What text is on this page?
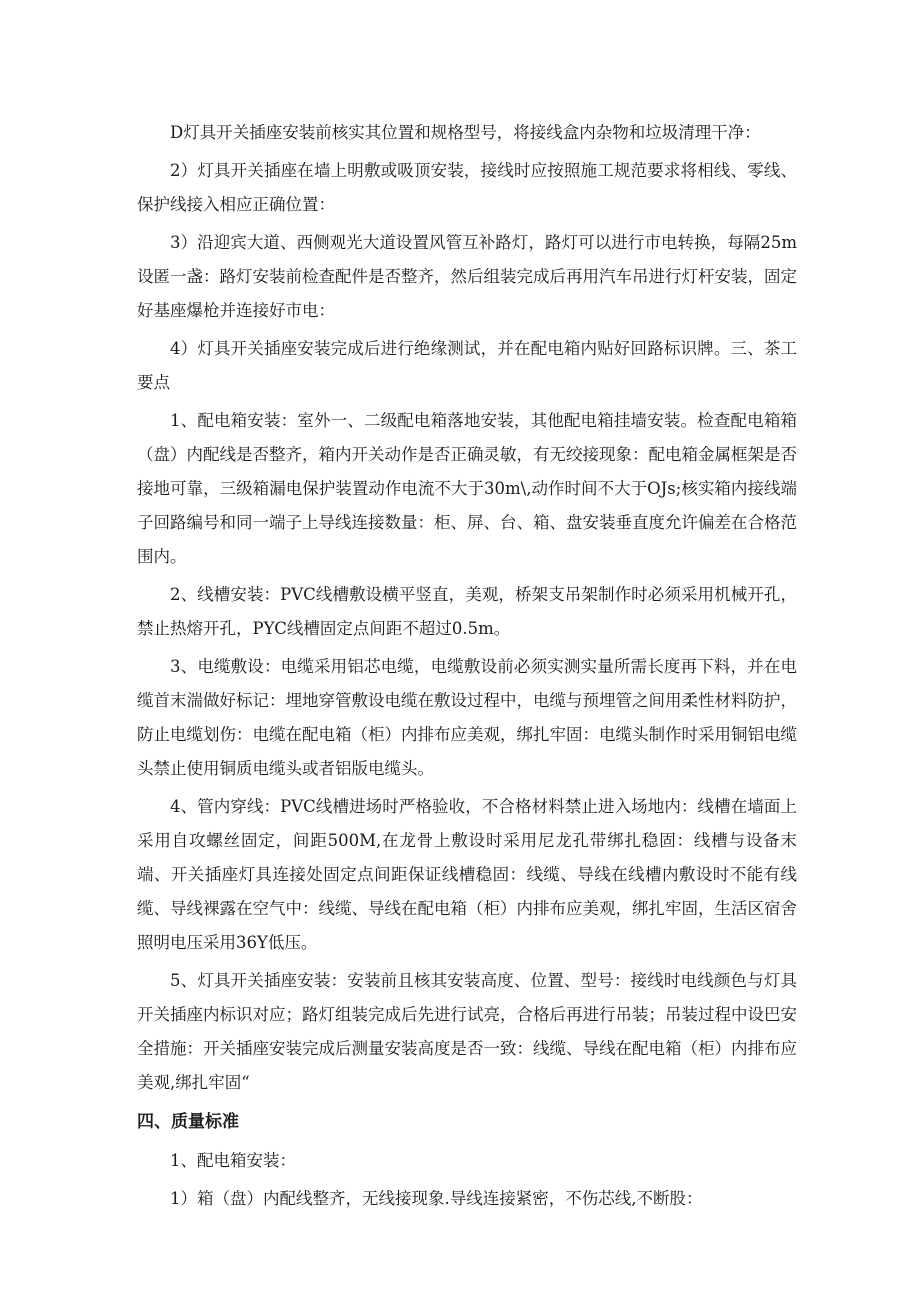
D灯具开关插座安装前核实其位置和规格型号，将接线盒内杂物和垃圾清理干净：

2）灯具开关插座在墙上明敷或吸顶安装，接线时应按照施工规范要求将相线、零线、保护线接入相应正确位置：

3）沿迎宾大道、西侧观光大道设置风管互补路灯，路灯可以进行市电转换，每隔25m设匿一盏：路灯安装前检查配件是否整齐，然后组装完成后再用汽车吊进行灯杆安装，固定好基座爆枪并连接好市电：

4）灯具开关插座安装完成后进行绝缘测试，并在配电箱内贴好回路标识牌。三、茶工要点

1、配电箱安装：室外一、二级配电箱落地安装，其他配电箱挂墙安装。检查配电箱箱（盘）内配线是否整齐，箱内开关动作是否正确灵敏，有无绞接现象：配电箱金属框架是否接地可靠，三级箱漏电保护装置动作电流不大于30m\,动作时间不大于OJs;核实箱内接线端子回路编号和同一端子上导线连接数量：柜、屏、台、箱、盘安装垂直度允许偏差在合格范围内。

2、线槽安装：PVC线槽敷设横平竖直，美观，桥架支吊架制作时必须采用机械开孔，禁止热熔开孔，PYC线槽固定点间距不超过0.5m。

3、电缆敷设：电缆采用铝芯电缆，电缆敷设前必须实测实量所需长度再下料，并在电缆首末湍做好标记：埋地穿管敷设电缆在敷设过程中，电缆与预埋管之间用柔性材料防护，防止电缆划伤：电缆在配电箱（柜）内排布应美观，绑扎牢固：电缆头制作时采用铜铝电缆头禁止使用铜质电缆头或者铝版电缆头。

4、管内穿线：PVC线槽进场时严格验收，不合格材料禁止进入场地内：线槽在墙面上采用自攻螺丝固定，间距500M,在龙骨上敷设时采用尼龙孔带绑扎稳固：线槽与设备末端、开关插座灯具连接处固定点间距保证线槽稳固：线缆、导线在线槽内敷设时不能有线缆、导线裸露在空气中：线缆、导线在配电箱（柜）内排布应美观，绑扎牢固，生活区宿舍照明电压采用36Y低压。

5、灯具开关插座安装：安装前且核其安装高度、位置、型号：接线时电线颜色与灯具开关插座内标识对应；路灯组装完成后先进行试亮，合格后再进行吊装；吊装过程中设巴安全措施：开关插座安装完成后测量安装高度是否一致：线缆、导线在配电箱（柜）内排布应美观,绑扎牢固“

四、质量标准

1、配电箱安装：

1）箱（盘）内配线整齐，无线接现象.导线连接紧密，不伤芯线,不断股：
